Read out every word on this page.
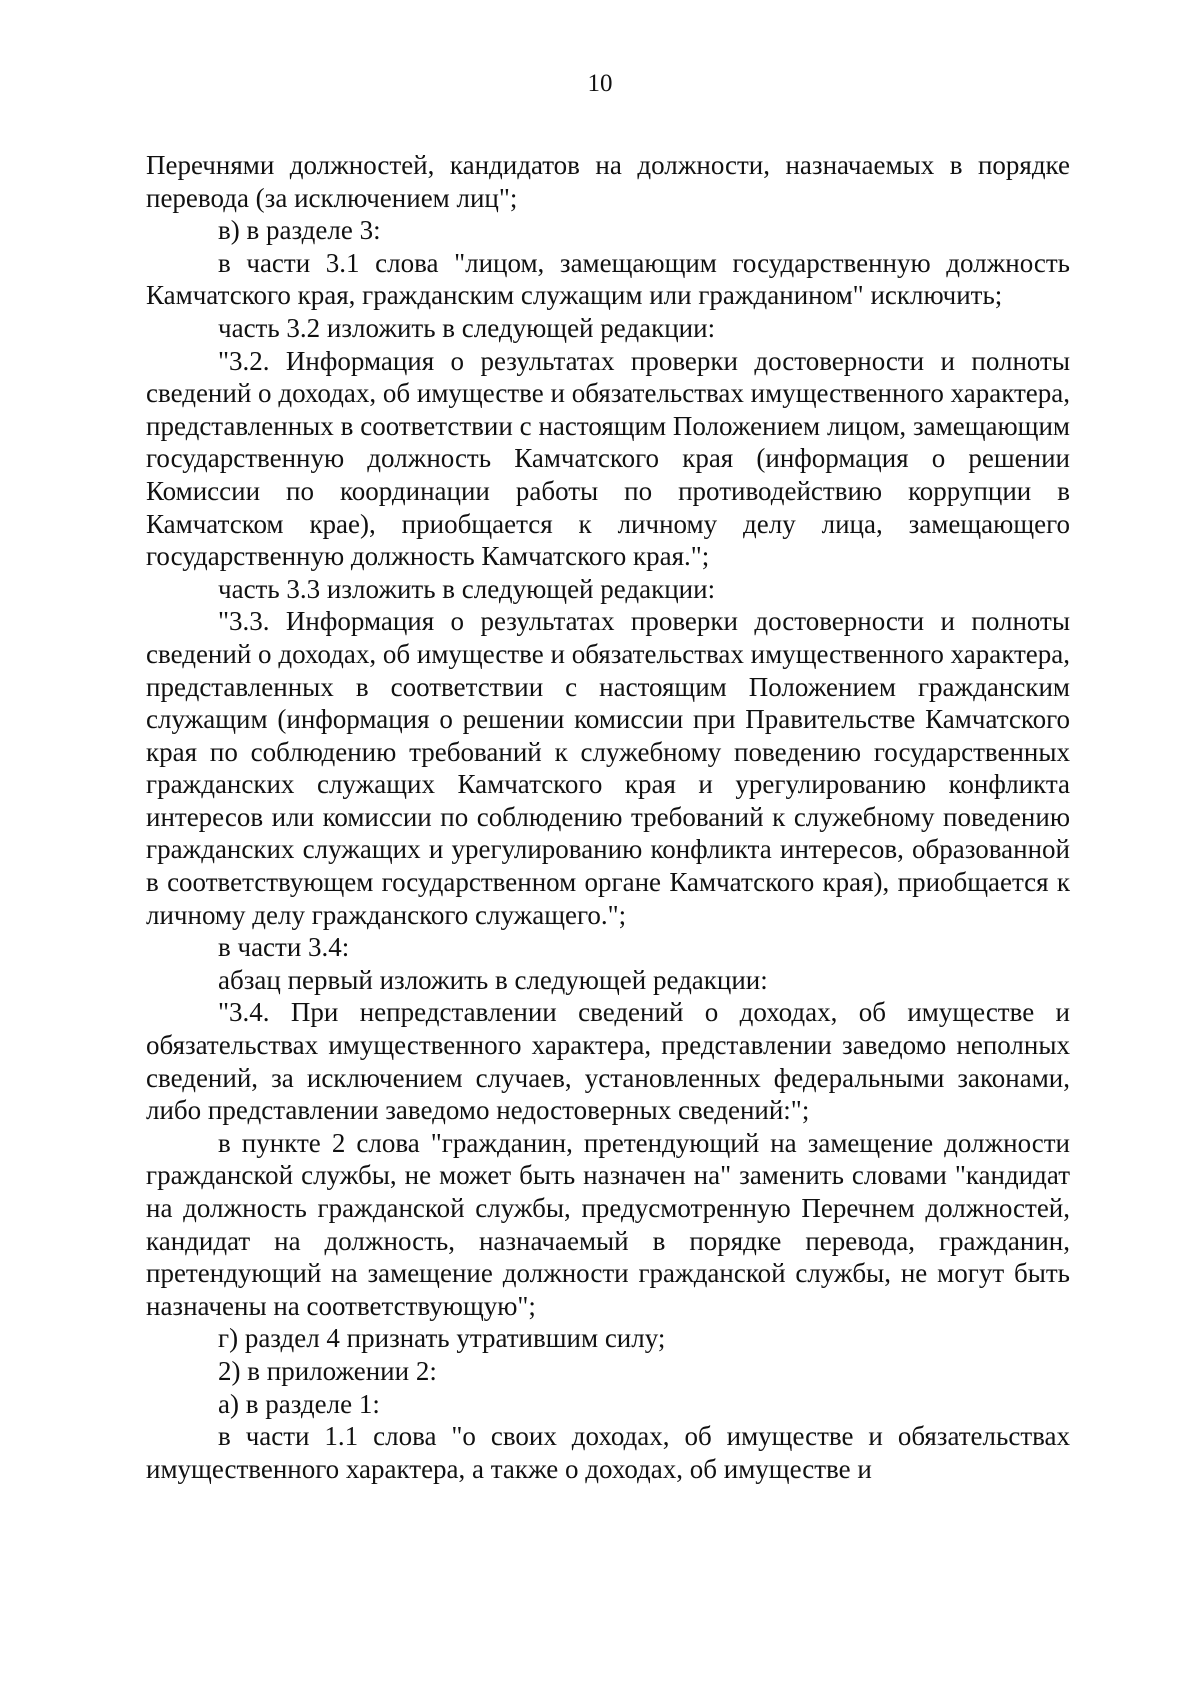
10

Перечнями должностей, кандидатов на должности, назначаемых в порядке перевода (за исключением лиц";

в) в разделе 3:

в части 3.1 слова "лицом, замещающим государственную должность Камчатского края, гражданским служащим или гражданином" исключить;

часть 3.2 изложить в следующей редакции:

"3.2. Информация о результатах проверки достоверности и полноты сведений о доходах, об имуществе и обязательствах имущественного характера, представленных в соответствии с настоящим Положением лицом, замещающим государственную должность Камчатского края (информация о решении Комиссии по координации работы по противодействию коррупции в Камчатском крае), приобщается к личному делу лица, замещающего государственную должность Камчатского края.";

часть 3.3 изложить в следующей редакции:

"3.3. Информация о результатах проверки достоверности и полноты сведений о доходах, об имуществе и обязательствах имущественного характера, представленных в соответствии с настоящим Положением гражданским служащим (информация о решении комиссии при Правительстве Камчатского края по соблюдению требований к служебному поведению государственных гражданских служащих Камчатского края и урегулированию конфликта интересов или комиссии по соблюдению требований к служебному поведению гражданских служащих и урегулированию конфликта интересов, образованной в соответствующем государственном органе Камчатского края), приобщается к личному делу гражданского служащего.";

в части 3.4:

абзац первый изложить в следующей редакции:

"3.4. При непредставлении сведений о доходах, об имуществе и обязательствах имущественного характера, представлении заведомо неполных сведений, за исключением случаев, установленных федеральными законами, либо представлении заведомо недостоверных сведений:";

в пункте 2 слова "гражданин, претендующий на замещение должности гражданской службы, не может быть назначен на" заменить словами "кандидат на должность гражданской службы, предусмотренную Перечнем должностей, кандидат на должность, назначаемый в порядке перевода, гражданин, претендующий на замещение должности гражданской службы, не могут быть назначены на соответствующую";

г) раздел 4 признать утратившим силу;

2) в приложении 2:

а) в разделе 1:

в части 1.1 слова "о своих доходах, об имуществе и обязательствах имущественного характера, а также о доходах, об имуществе и
